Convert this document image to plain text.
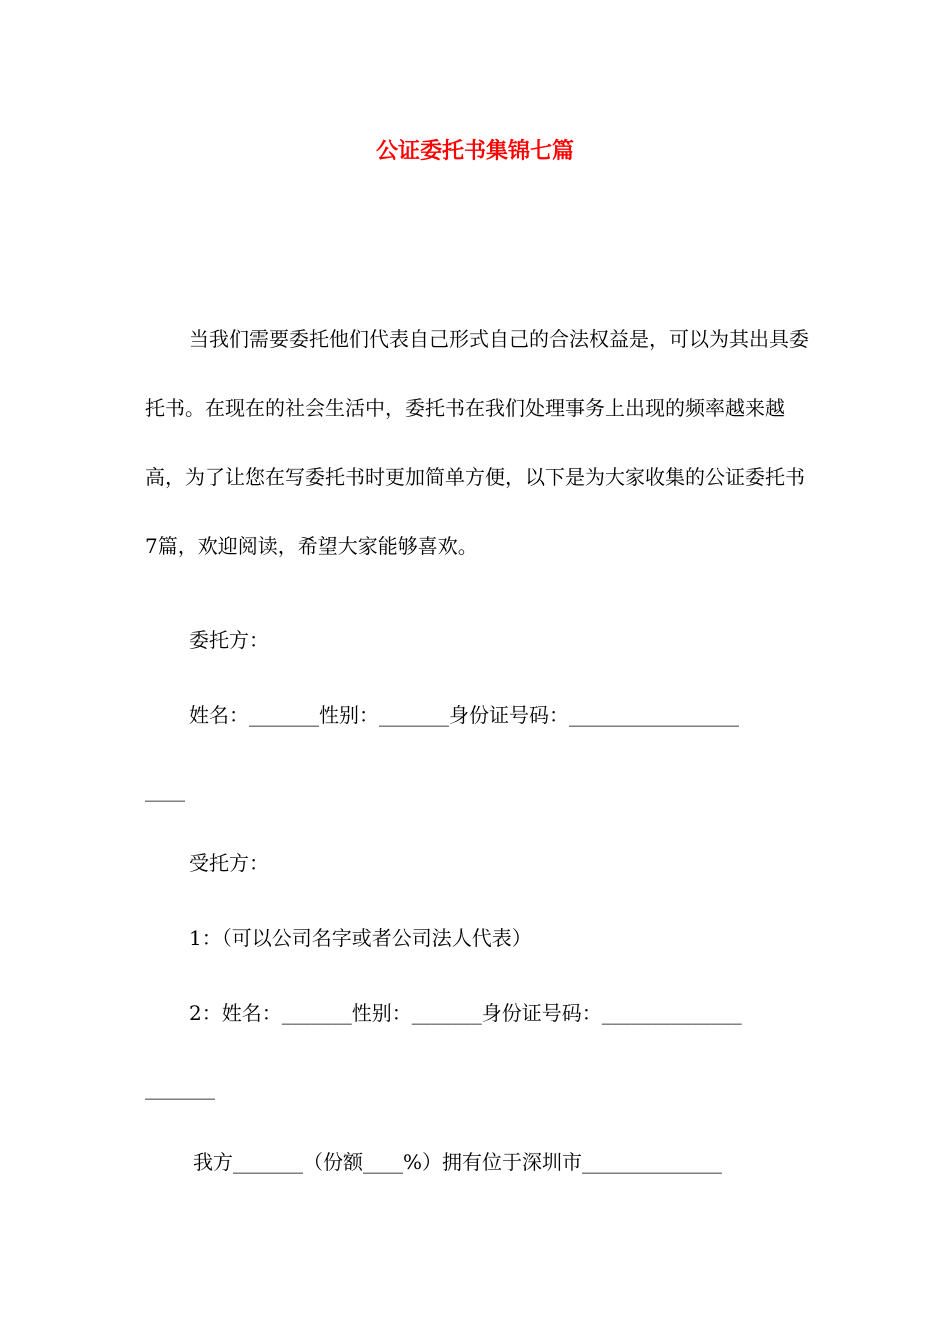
公证委托书集锦七篇

当我们需要委托他们代表自己形式自己的合法权益是，可以为其出具委托书。在现在的社会生活中，委托书在我们处理事务上出现的频率越来越高，为了让您在写委托书时更加简单方便，以下是为大家收集的公证委托书7篇，欢迎阅读，希望大家能够喜欢。

委托方：

姓名：_______性别：_______身份证号码：_________________

____

受托方：

1：（可以公司名字或者公司法人代表）

2：姓名：_______性别：_______身份证号码：______________

_______

我方_______（份额____%）拥有位于深圳市______________
